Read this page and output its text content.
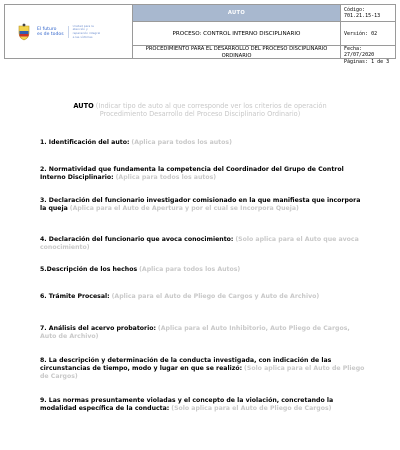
El futuro
es de todos
Unidad para la atención y reparación integral a las víctimas
AUTO
PROCESO: CONTROL INTERNO DISCIPLINARIO
PROCEDIMIENTO PARA EL DESARROLLO DEL PROCESO DISCIPLINARIO ORDINARIO
Código: 701.21.15-13
Versión: 02
Fecha: 27/07/2020
Páginas: 1 de 3
AUTO (Indicar tipo de auto al que corresponde ver los criterios de operación Procedimiento Desarrollo del Proceso Disciplinario Ordinario)
1. Identificación del auto: (Aplica para todos los autos)
2. Normatividad que fundamenta la competencia del Coordinador del Grupo de Control Interno Disciplinario: (Aplica para todos los autos)
3. Declaración del funcionario investigador comisionado en la que manifiesta que incorpora la queja (Aplica para el Auto de Apertura y por el cual se Incorpora Queja)
4. Declaración del funcionario que avoca conocimiento: (Solo aplica para el Auto que avoca conocimiento)
5.Descripción de los hechos (Aplica para todos los Autos)
6. Trámite Procesal: (Aplica para el Auto de Pliego de Cargos y Auto de Archivo)
7. Análisis del acervo probatorio: (Aplica para el Auto Inhibitorio, Auto Pliego de Cargos, Auto de Archivo)
8. La descripción y determinación de la conducta investigada, con indicación de las circunstancias de tiempo, modo y lugar en que se realizó: (Solo aplica para el Auto de Pliego de Cargos)
9. Las normas presuntamente violadas y el concepto de la violación, concretando la modalidad específica de la conducta: (Solo aplica para el Auto de Pliego de Cargos)
